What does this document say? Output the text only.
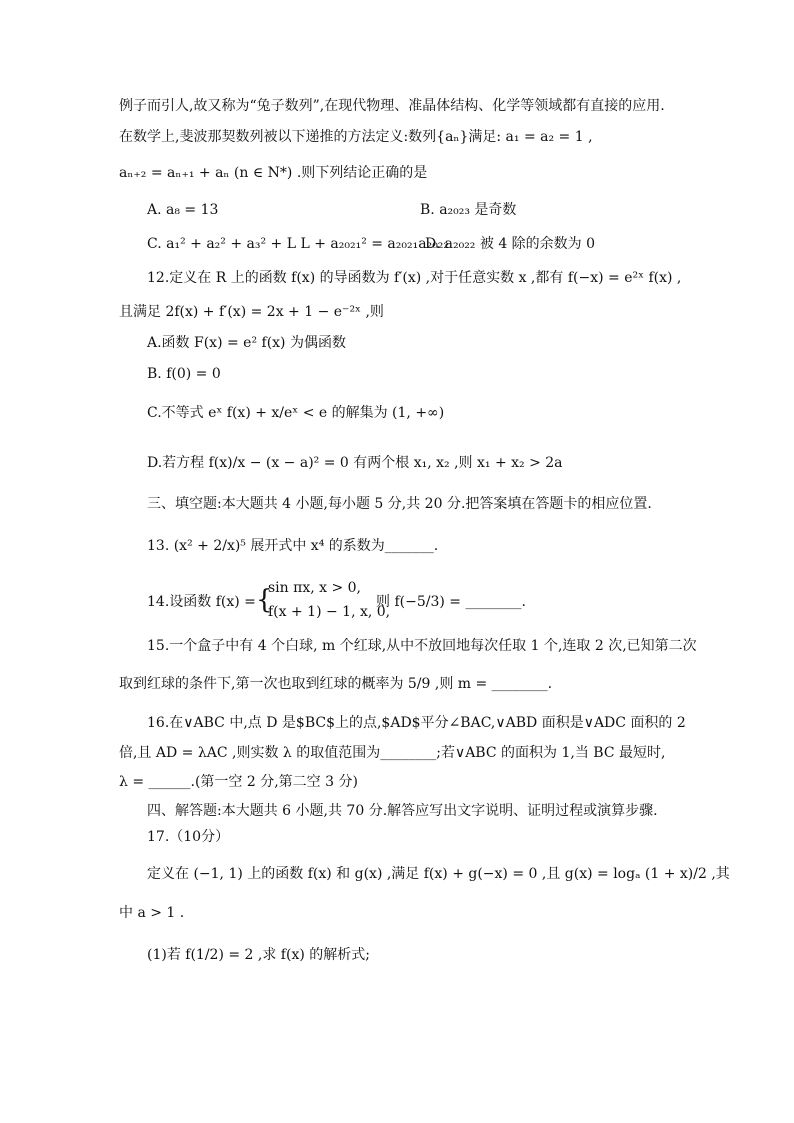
例子而引人,故又称为“兔子数列”,在现代物理、准晶体结构、化学等领域都有直接的应用.
在数学上,斐波那契数列被以下递推的方法定义:数列{aₙ}满足: a₁ = a₂ = 1 ,
aₙ₊₂ = aₙ₊₁ + aₙ (n ∈ N*) .则下列结论正确的是
A. a₈ = 13	B. a₂₀₂₃ 是奇数
C. a₁² + a₂² + a₃² + L L + a₂₀₂₁² = a₂₀₂₁a₂₀₂₂
D. a₂₀₂₂ 被 4 除的余数为 0
12.定义在 R 上的函数 f(x) 的导函数为 f′(x) ,对于任意实数 x ,都有 f(−x) = e²ˣ f(x) ,
且满足 2f(x) + f′(x) = 2x + 1 − e⁻²ˣ ,则
A.函数 F(x) = e² f(x) 为偶函数
B. f(0) = 0
C.不等式 eˣ f(x) + x/eˣ < e 的解集为 (1, +∞)
D.若方程 f(x)/x − (x − a)² = 0 有两个根 x₁, x₂ ,则 x₁ + x₂ > 2a
三、填空题:本大题共 4 小题,每小题 5 分,共 20 分.把答案填在答题卡的相应位置.
13. (x² + 2/x)⁵ 展开式中 x⁴ 的系数为_______.
14.设函数 f(x) = {
sin πx, x > 0,
f(x + 1) − 1, x, 0,
则 f(−5/3) = ________.
15.一个盒子中有 4 个白球, m 个红球,从中不放回地每次任取 1 个,连取 2 次,已知第二次
取到红球的条件下,第一次也取到红球的概率为 5/9 ,则 m = ________.
16.在∨ABC 中,点 D 是$BC$上的点,$AD$平分∠BAC,∨ABD 面积是∨ADC 面积的 2
倍,且 AD = λAC ,则实数 λ 的取值范围为________;若∨ABC 的面积为 1,当 BC 最短时,
λ = ______.(第一空 2 分,第二空 3 分)
四、解答题:本大题共 6 小题,共 70 分.解答应写出文字说明、证明过程或演算步骤.
17.（10分）
定义在 (−1, 1) 上的函数 f(x) 和 g(x) ,满足 f(x) + g(−x) = 0 ,且 g(x) = logₐ (1 + x)/2 ,其
中 a > 1 .
(1)若 f(1/2) = 2 ,求 f(x) 的解析式;
